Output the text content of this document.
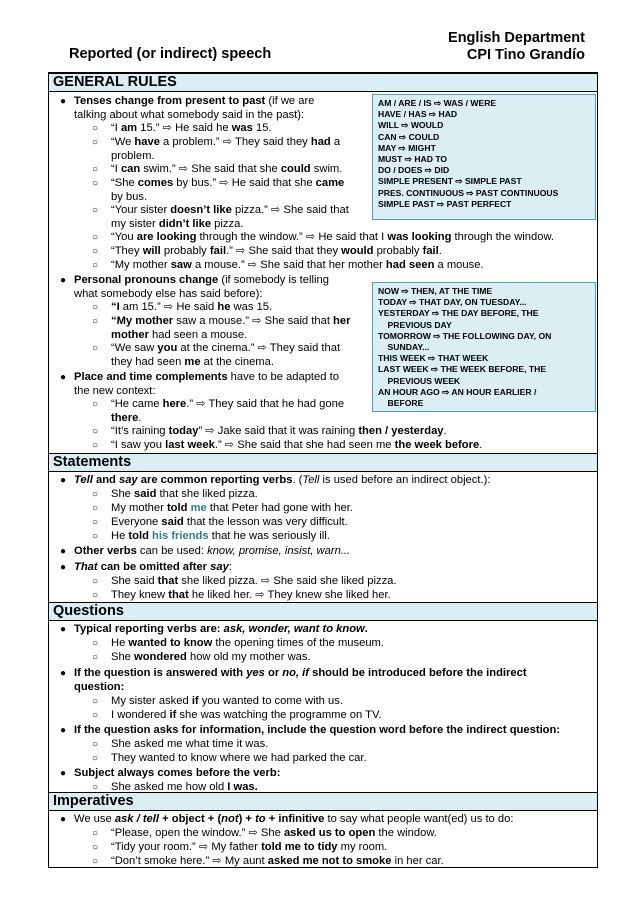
Reported (or indirect) speech
English Department
CPI Tino Grandío
GENERAL RULES
Statements
Questions
Imperatives
AM / ARE / IS ⇨ WAS / WERE
HAVE / HAS ⇨ HAD
WILL ⇨ WOULD
CAN ⇨ COULD
MAY ⇨ MIGHT
MUST ⇨ HAD TO
DO / DOES ⇨ DID
SIMPLE PRESENT ⇨ SIMPLE PAST
PRES. CONTINUOUS ⇨ PAST CONTINUOUS
SIMPLE PAST ⇨ PAST PERFECT
NOW ⇨ THEN, AT THE TIME
TODAY ⇨ THAT DAY, ON TUESDAY...
YESTERDAY ⇨ THE DAY BEFORE, THE
PREVIOUS DAY
TOMORROW ⇨ THE FOLLOWING DAY, ON
SUNDAY...
THIS WEEK ⇨ THAT WEEK
LAST WEEK ⇨ THE WEEK BEFORE, THE
PREVIOUS WEEK
AN HOUR AGO ⇨ AN HOUR EARLIER /
BEFORE
● Tenses change from present to past (if we are
talking about what somebody said in the past):
○ “I am 15.” ⇨ He said he was 15.
○ “We have a problem.” ⇨ They said they had a
problem.
○ “I can swim.” ⇨ She said that she could swim.
○ “She comes by bus.” ⇨ He said that she came
by bus.
○ “Your sister doesn’t like pizza.” ⇨ She said that
my sister didn’t like pizza.
○ “You are looking through the window.” ⇨ He said that I was looking through the window.
○ “They will probably fail.” ⇨ She said that they would probably fail.
○ “My mother saw a mouse.” ⇨ She said that her mother had seen a mouse.
● Personal pronouns change (if somebody is telling
what somebody else has said before):
○ “I am 15.” ⇨ He said he was 15.
○ “My mother saw a mouse.” ⇨ She said that her
mother had seen a mouse.
○ “We saw you at the cinema.” ⇨ They said that
they had seen me at the cinema.
● Place and time complements have to be adapted to
the new context:
○ “He came here.” ⇨ They said that he had gone
there.
○ “It’s raining today” ⇨ Jake said that it was raining then / yesterday.
○ “I saw you last week.” ⇨ She said that she had seen me the week before.
● Tell and say are common reporting verbs. (Tell is used before an indirect object.):
○ She said that she liked pizza.
○ My mother told me that Peter had gone with her.
○ Everyone said that the lesson was very difficult.
○ He told his friends that he was seriously ill.
● Other verbs can be used: know, promise, insist, warn...
● That can be omitted after say:
○ She said that she liked pizza. ⇨ She said she liked pizza.
○ They knew that he liked her. ⇨ They knew she liked her.
● Typical reporting verbs are: ask, wonder, want to know.
○ He wanted to know the opening times of the museum.
○ She wondered how old my mother was.
● If the question is answered with yes or no, if should be introduced before the indirect
question:
○ My sister asked if you wanted to come with us.
○ I wondered if she was watching the programme on TV.
● If the question asks for information, include the question word before the indirect question:
○ She asked me what time it was.
○ They wanted to know where we had parked the car.
● Subject always comes before the verb:
○ She asked me how old I was.
● We use ask / tell + object + (not) + to + infinitive to say what people want(ed) us to do:
○ “Please, open the window.” ⇨ She asked us to open the window.
○ “Tidy your room.” ⇨ My father told me to tidy my room.
○ “Don’t smoke here.” ⇨ My aunt asked me not to smoke in her car.
